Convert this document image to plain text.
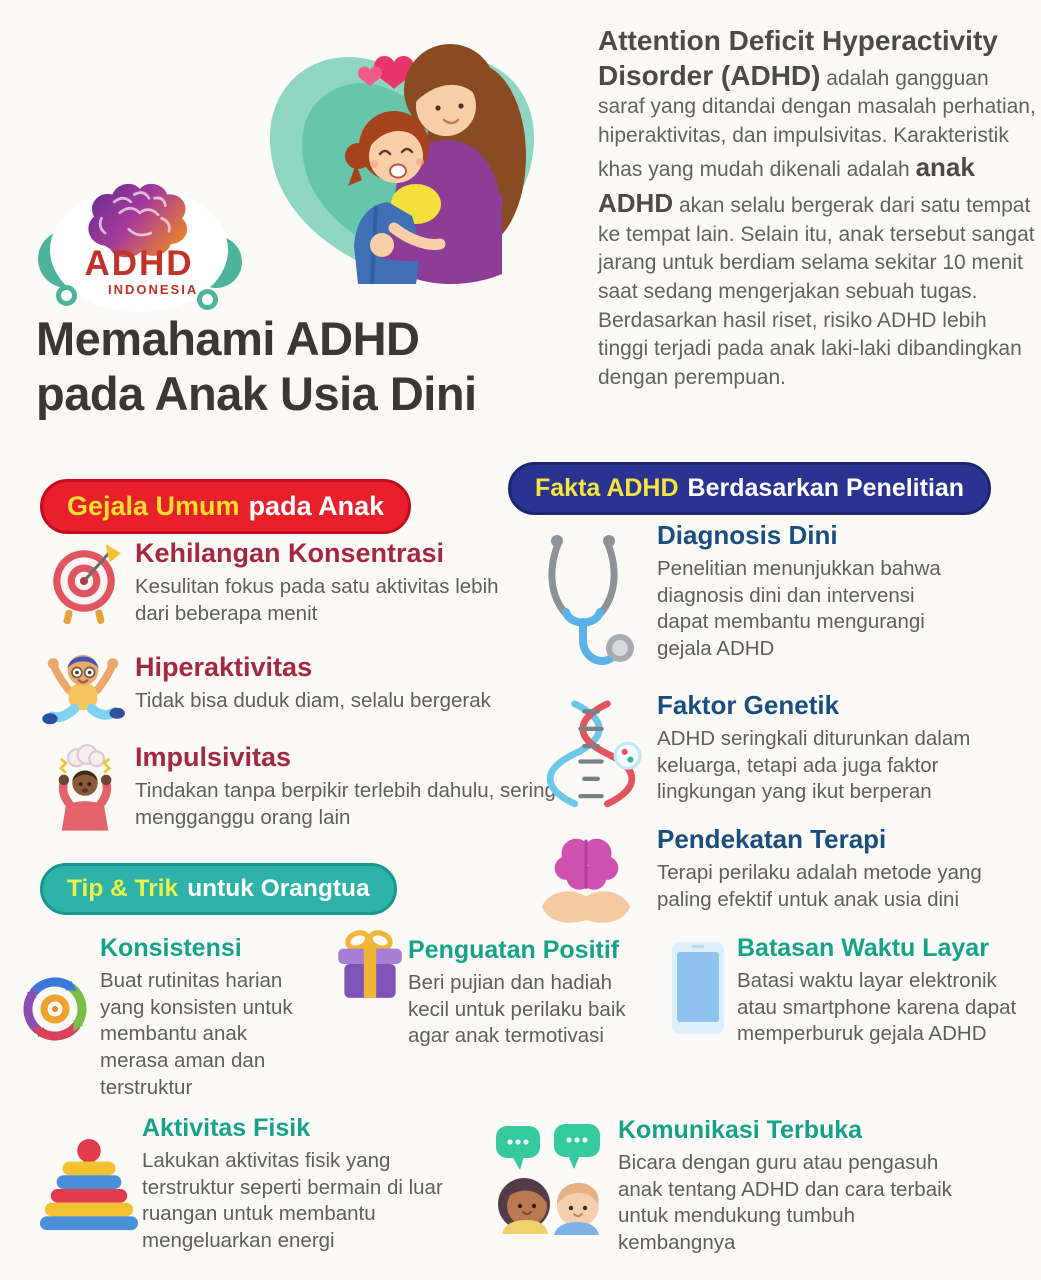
ADHD
INDONESIA

Attention Deficit Hyperactivity Disorder (ADHD) adalah gangguan saraf yang ditandai dengan masalah perhatian, hiperaktivitas, dan impulsivitas. Karakteristik khas yang mudah dikenali adalah anak ADHD akan selalu bergerak dari satu tempat ke tempat lain. Selain itu, anak tersebut sangat jarang untuk berdiam selama sekitar 10 menit saat sedang mengerjakan sebuah tugas. Berdasarkan hasil riset, risiko ADHD lebih tinggi terjadi pada anak laki-laki dibandingkan dengan perempuan.

Memahami ADHD
pada Anak Usia Dini
Gejala Umum pada Anak
Fakta ADHD Berdasarkan Penelitian
Tip & Trik untuk Orangtua
Kehilangan Konsentrasi

Kesulitan fokus pada satu aktivitas lebih dari beberapa menit

Hiperaktivitas

Tidak bisa duduk diam, selalu bergerak

Impulsivitas

Tindakan tanpa berpikir terlebih dahulu, sering mengganggu orang lain

Diagnosis Dini

Penelitian menunjukkan bahwa diagnosis dini dan intervensi dapat membantu mengurangi gejala ADHD

Faktor Genetik

ADHD seringkali diturunkan dalam keluarga, tetapi ada juga faktor lingkungan yang ikut berperan

Pendekatan Terapi

Terapi perilaku adalah metode yang paling efektif untuk anak usia dini

Konsistensi

Buat rutinitas harian yang konsisten untuk membantu anak merasa aman dan terstruktur

Penguatan Positif

Beri pujian dan hadiah kecil untuk perilaku baik agar anak termotivasi

Batasan Waktu Layar

Batasi waktu layar elektronik atau smartphone karena dapat memperburuk gejala ADHD

Aktivitas Fisik

Lakukan aktivitas fisik yang terstruktur seperti bermain di luar ruangan untuk membantu mengeluarkan energi

Komunikasi Terbuka

Bicara dengan guru atau pengasuh anak tentang ADHD dan cara terbaik untuk mendukung tumbuh kembangnya
